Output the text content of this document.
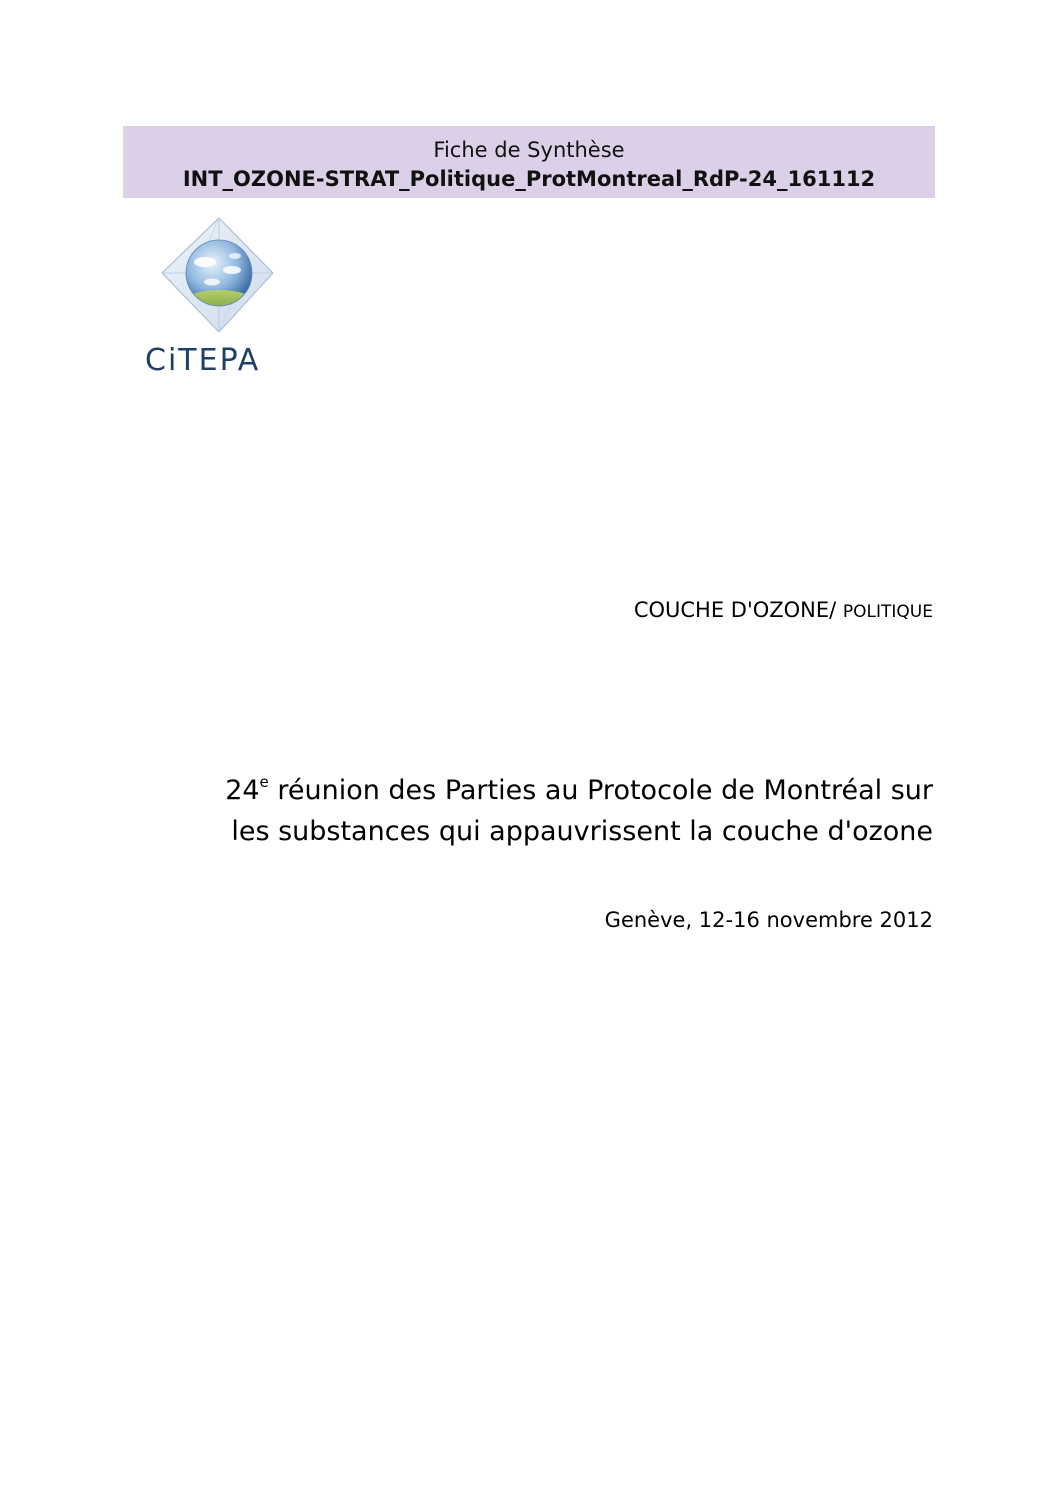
Fiche de Synthèse
INT_OZONE-STRAT_Politique_ProtMontreal_RdP-24_161112
CiTEPA
COUCHE D'OZONE/ POLITIQUE
24e réunion des Parties au Protocole de Montréal sur
les substances qui appauvrissent la couche d'ozone
Genève, 12-16 novembre 2012
